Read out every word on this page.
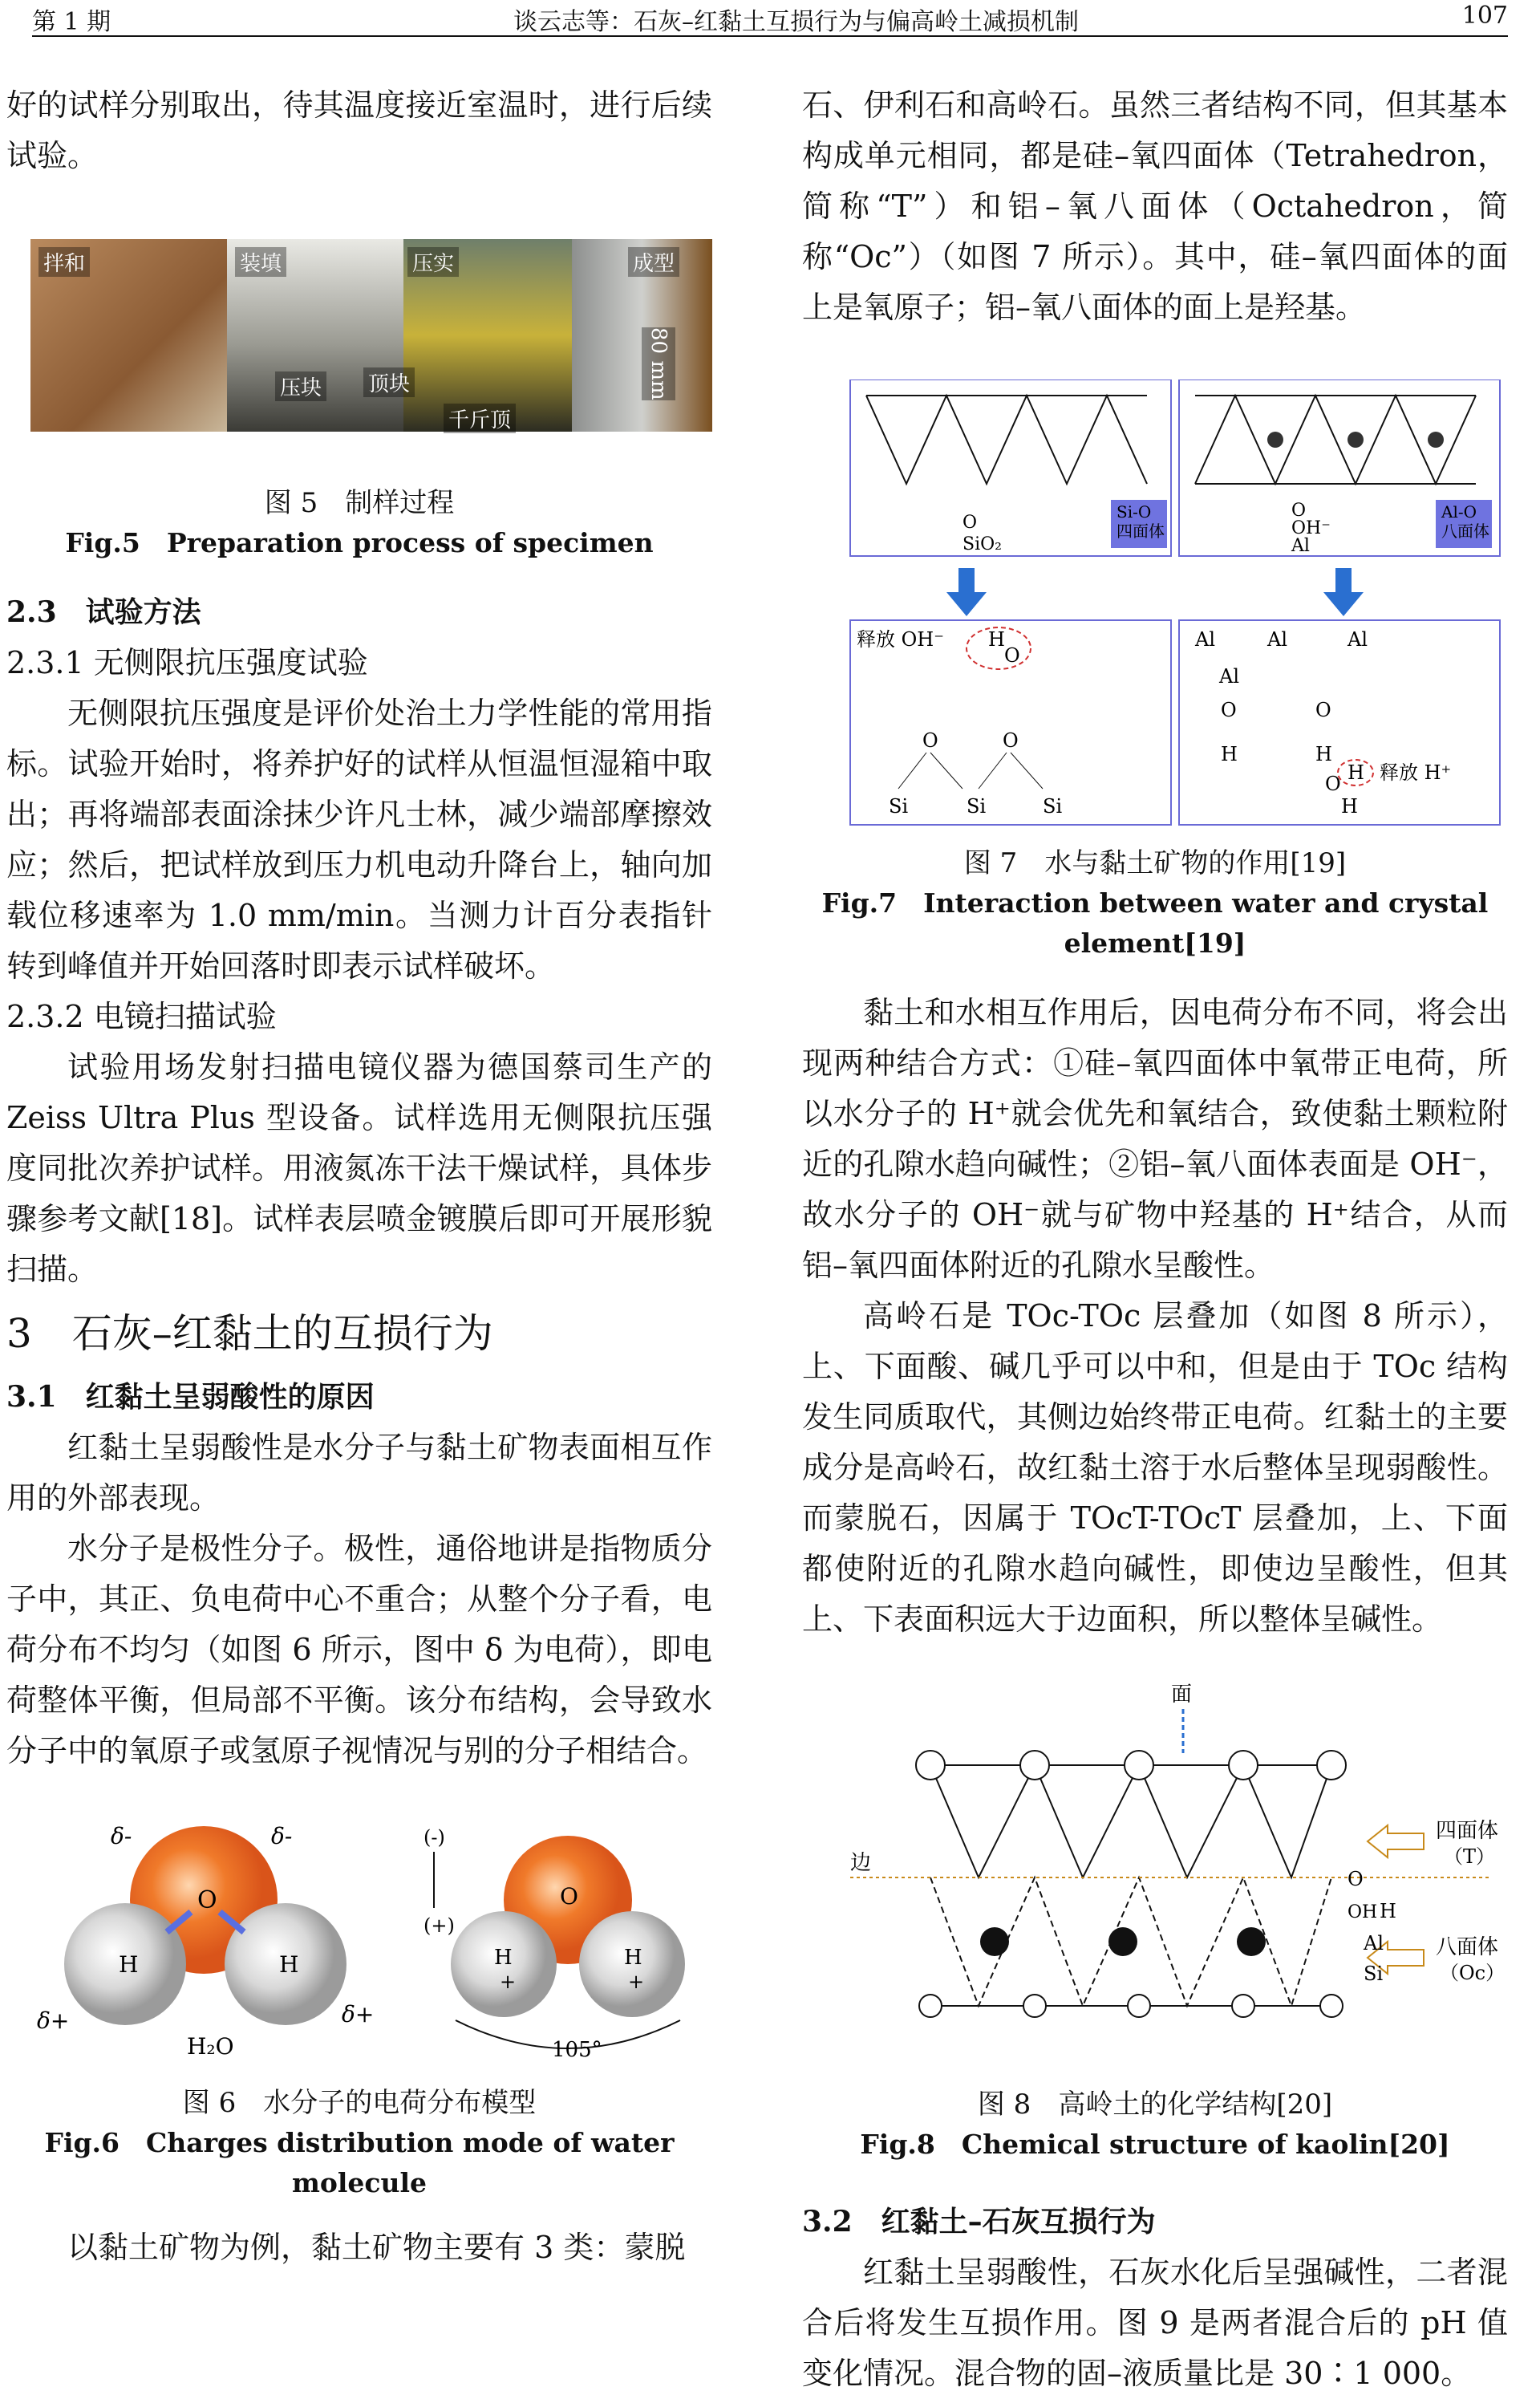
第 1 期	谈云志等：石灰–红黏土互损行为与偏高岭土减损机制	107

好的试样分别取出，待其温度接近室温时，进行后续试验。

拌和	装填	压实	成型
压块 顶块
千斤顶
80 mm
图 5　制样过程
Fig.5　Preparation process of specimen
2.3　试验方法
2.3.1 无侧限抗压强度试验

无侧限抗压强度是评价处治土力学性能的常用指标。试验开始时，将养护好的试样从恒温恒湿箱中取出；再将端部表面涂抹少许凡士林，减少端部摩擦效应；然后，把试样放到压力机电动升降台上，轴向加载位移速率为 1.0 mm/min。当测力计百分表指针转到峰值并开始回落时即表示试样破坏。

2.3.2 电镜扫描试验

试验用场发射扫描电镜仪器为德国蔡司生产的 Zeiss Ultra Plus 型设备。试样选用无侧限抗压强度同批次养护试样。用液氮冻干法干燥试样，具体步骤参考文献[18]。试样表层喷金镀膜后即可开展形貌扫描。

3　石灰–红黏土的互损行为
3.1　红黏土呈弱酸性的原因

红黏土呈弱酸性是水分子与黏土矿物表面相互作用的外部表现。

水分子是极性分子。极性，通俗地讲是指物质分子中，其正、负电荷中心不重合；从整个分子看，电荷分布不均匀（如图 6 所示，图中 δ 为电荷），即电荷整体平衡，但局部不平衡。该分布结构，会导致水分子中的氧原子或氢原子视情况与别的分子相结合。

O
H	H
δ-	δ-
δ+	δ+
H₂O
O
H	H
+	+
(-)
(+)
105°
图 6　水分子的电荷分布模型
Fig.6　Charges distribution mode of water molecule

以黏土矿物为例，黏土矿物主要有 3 类：蒙脱

石、伊利石和高岭石。虽然三者结构不同，但其基本构成单元相同，都是硅–氧四面体（Tetrahedron，简称“T”）和铝–氧八面体（Octahedron，简称“Oc”）（如图 7 所示）。其中，硅–氧四面体的面上是氧原子；铝–氧八面体的面上是羟基。

Si-O 四面体
Al-O 八面体
O
SiO₂
O
OH⁻
Al
释放 OH⁻ H
O
O	O
Si	Si	Si
Al	Al	Al
Al
O
H
O
H
H 释放 H⁺
O
H
图 7　水与黏土矿物的作用[19]
Fig.7　Interaction between water and crystal element[19]

黏土和水相互作用后，因电荷分布不同，将会出现两种结合方式：①硅–氧四面体中氧带正电荷，所以水分子的 H⁺就会优先和氧结合，致使黏土颗粒附近的孔隙水趋向碱性；②铝–氧八面体表面是 OH⁻，故水分子的 OH⁻就与矿物中羟基的 H⁺结合，从而铝–氧四面体附近的孔隙水呈酸性。

高岭石是 TOc-TOc 层叠加（如图 8 所示），上、下面酸、碱几乎可以中和，但是由于 TOc 结构发生同质取代，其侧边始终带正电荷。红黏土的主要成分是高岭石，故红黏土溶于水后整体呈现弱酸性。而蒙脱石，因属于 TOcT-TOcT 层叠加，上、下面都使附近的孔隙水趋向碱性，即使边呈酸性，但其上、下表面积远大于边面积，所以整体呈碱性。

面
边
四面体
（T）
八面体
（Oc）
O
OH H
Al
Si
图 8　高岭土的化学结构[20]
Fig.8　Chemical structure of kaolin[20]
3.2　红黏土–石灰互损行为

红黏土呈弱酸性，石灰水化后呈强碱性，二者混合后将发生互损作用。图 9 是两者混合后的 pH 值变化情况。混合物的固–液质量比是 30∶1 000。
